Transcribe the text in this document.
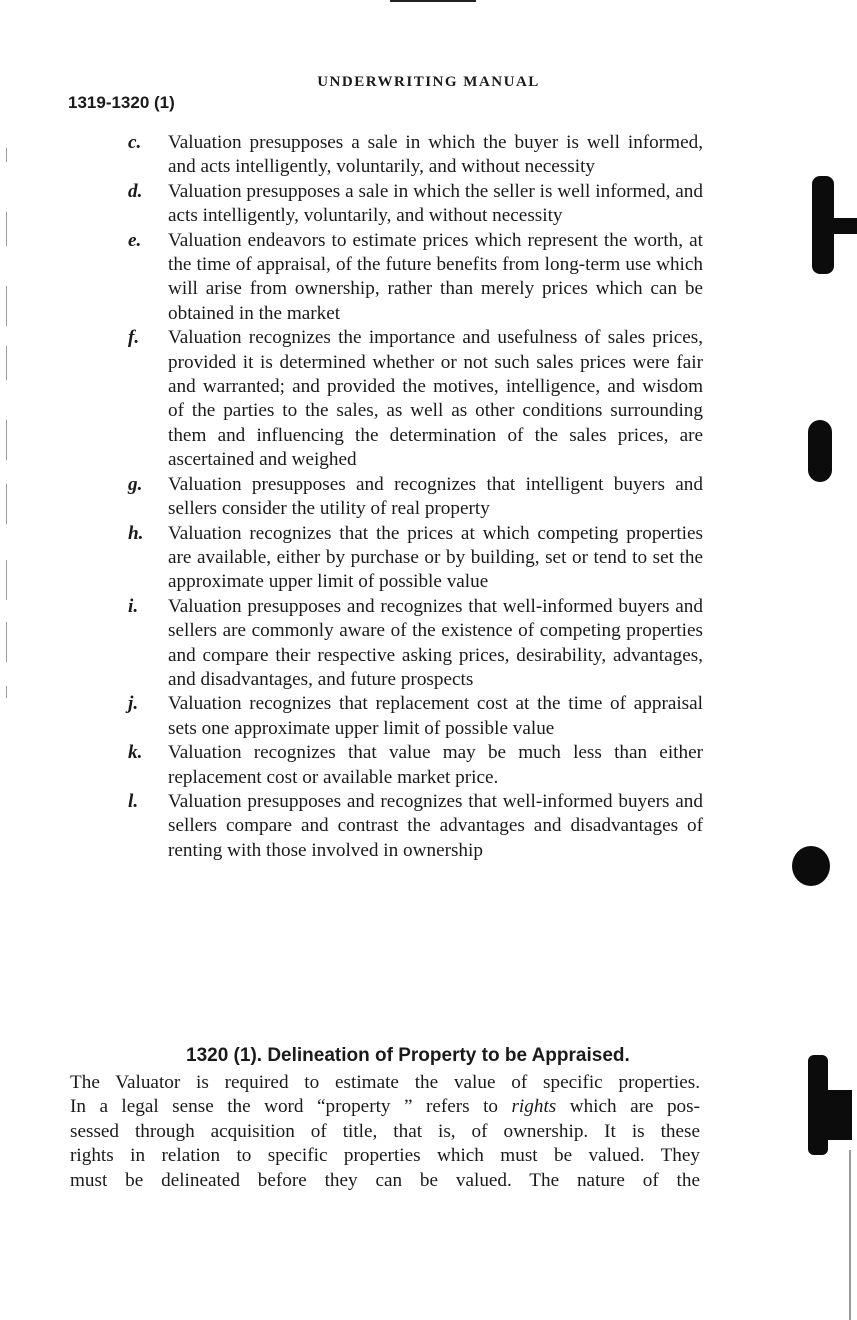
UNDERWRITING MANUAL
1319-1320 (1)
c. Valuation presupposes a sale in which the buyer is well informed, and acts intelligently, voluntarily, and without necessity
d. Valuation presupposes a sale in which the seller is well informed, and acts intelligently, voluntarily, and without necessity
e. Valuation endeavors to estimate prices which represent the worth, at the time of appraisal, of the future benefits from long-term use which will arise from ownership, rather than merely prices which can be obtained in the market
f. Valuation recognizes the importance and usefulness of sales prices, provided it is determined whether or not such sales prices were fair and warranted; and provided the motives, intelligence, and wisdom of the parties to the sales, as well as other conditions surrounding them and influencing the determination of the sales prices, are ascertained and weighed
g. Valuation presupposes and recognizes that intelligent buyers and sellers consider the utility of real property
h. Valuation recognizes that the prices at which competing properties are available, either by purchase or by building, set or tend to set the approximate upper limit of possible value
i. Valuation presupposes and recognizes that well-informed buyers and sellers are commonly aware of the existence of competing properties and compare their respective asking prices, desirability, advantages, and disadvantages, and future prospects
j. Valuation recognizes that replacement cost at the time of appraisal sets one approximate upper limit of possible value
k. Valuation recognizes that value may be much less than either replacement cost or available market price.
l. Valuation presupposes and recognizes that well-informed buyers and sellers compare and contrast the advantages and disadvantages of renting with those involved in ownership
1320 (1). Delineation of Property to be Appraised.
The Valuator is required to estimate the value of specific properties.
In a legal sense the word “property ” refers to rights which are pos-
sessed through acquisition of title, that is, of ownership. It is these
rights in relation to specific properties which must be valued. They
must be delineated before they can be valued. The nature of the
